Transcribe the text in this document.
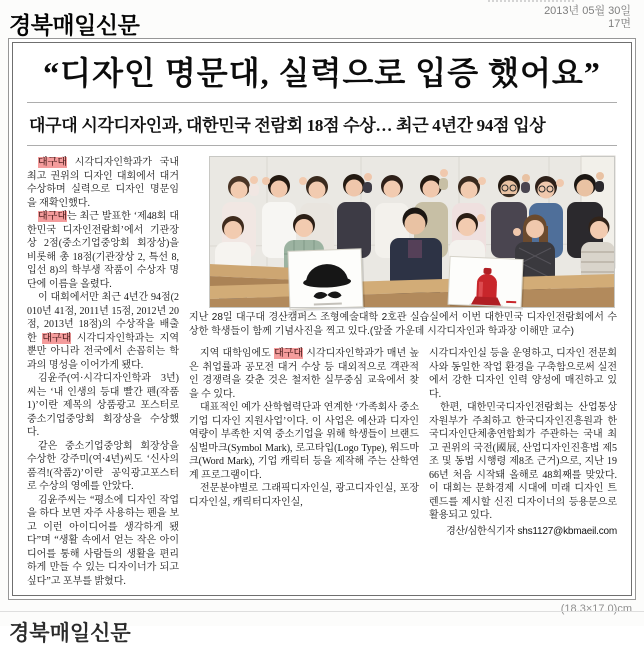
경북매일신문
2013년 05월 30일
17면
“디자인 명문대, 실력으로 입증 했어요”
대구대 시각디자인과, 대한민국 전람회 18점 수상… 최근 4년간 94점 입상

대구대 시각디자인학과가 국내 최고 권위의 디자인 대회에서 대거 수상하며 실력으로 디자인 명문임을 재확인했다.

대구대는 최근 발표한 ‘제48회 대한민국 디자인전람회’에서 기관장상 2점(중소기업중앙회 회장상)을 비롯해 총 18점(기관장상 2, 특선 8, 입선 8)의 학부생 작품이 수상자 명단에 이름을 올렸다.

이 대회에서만 최근 4년간 94점(2010년 41점, 2011년 15점, 2012년 20점, 2013년 18점)의 수상작을 배출한 대구대 시각디자인학과는 지역뿐만 아니라 전국에서 손꼽히는 학과의 명성을 이어가게 됐다.

김윤주(여·시각디자인학과 3년)씨는 ‘내 인생의 등대 빨간 펜(작품1)’이란 제목의 상품광고 포스터로 중소기업중앙회 회장상을 수상했다.

같은 중소기업중앙회 회장상을 수상한 강주미(여·4년)씨도 ‘신사의 품격!(작품2)’이란 공익광고포스터로 수상의 영예를 안았다.

김윤주씨는 “평소에 디자인 작업을 하다 보면 자주 사용하는 펜을 보고 이런 아이디어를 생각하게 됐다”며 “생활 속에서 얻는 작은 아이디어를 통해 사람들의 생활을 편리하게 만들 수 있는 디자이너가 되고 싶다”고 포부를 밝혔다.

지난 28일 대구대 경산캠퍼스 조형예술대학 2호관 실습실에서 이번 대한민국 디자인전람회에서 수상한 학생들이 함께 기념사진을 찍고 있다.(앞줄 가운데 시각디자인과 학과장 이해만 교수)

지역 대학임에도 대구대 시각디자인학과가 매년 높은 취업률과 공모전 대거 수상 등 대외적으로 객관적인 경쟁력을 갖춘 것은 철저한 실무중심 교육에서 찾을 수 있다.

대표적인 예가 산학협력단과 연계한 ‘가족회사 중소기업 디자인 지원사업’이다. 이 사업은 예산과 디자인 역량이 부족한 지역 중소기업을 위해 학생들이 브랜드 심벌마크(Symbol Mark), 로고타입(Logo Type), 워드마크(Word Mark), 기업 캐릭터 등을 제작해 주는 산학연계 프로그램이다.

전문분야별로 그래픽디자인실, 광고디자인실, 포장디자인실, 캐릭터디자인실,

시각디자인실 등을 운영하고, 디자인 전문회사와 동일한 작업 환경을 구축함으로써 실전에서 강한 디자인 인력 양성에 매진하고 있다.

한편, 대한민국디자인전람회는 산업통상자원부가 주최하고 한국디자인진흥원과 한국디자인단체총연합회가 주관하는 국내 최고 권위의 국전(國展, 산업디자인진흥법 제5조 및 동법 시행령 제8조 근거)으로, 지난 1966년 처음 시작돼 올해로 48회째를 맞았다. 이 대회는 문화경제 시대에 미래 디자인 트렌드를 제시할 신진 디자이너의 등용문으로 활용되고 있다.

경산/심한식기자 shs1127@kbmaeil.com
(18.3×17.0)cm
경북매일신문
